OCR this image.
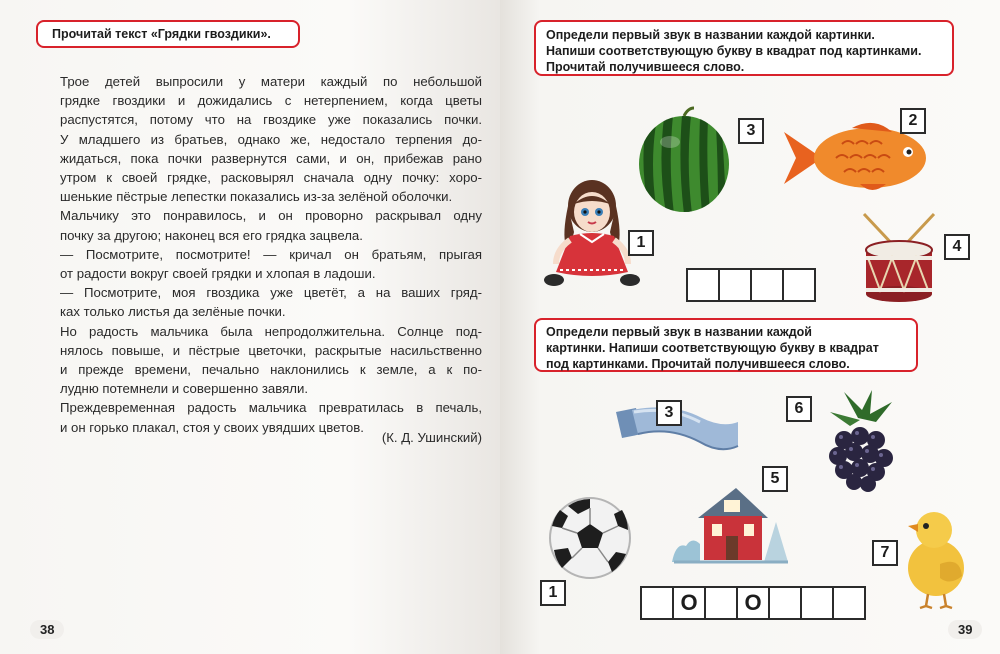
Прочитай текст «Грядки гвоздики».
Трое детей выпросили у матери каждый по небольшой
грядке гвоздики и дожидались с нетерпением, когда цветы
распустятся, потому что на гвоздике уже показались почки.
У младшего из братьев, однако же, недостало терпения до-
жидаться, пока почки развернутся сами, и он, прибежав рано
утром к своей грядке, расковырял сначала одну почку: хоро-
шенькие пёстрые лепестки показались из-за зелёной оболочки.
Мальчику это понравилось, и он проворно раскрывал одну
почку за другою; наконец вся его грядка зацвела.
— Посмотрите, посмотрите! — кричал он братьям, прыгая
от радости вокруг своей грядки и хлопая в ладоши.
— Посмотрите, моя гвоздика уже цветёт, а на ваших гряд-
ках только листья да зелёные почки.
Но радость мальчика была непродолжительна. Солнце под-
нялось повыше, и пёстрые цветочки, раскрытые насильственно
и прежде времени, печально наклонились к земле, а к по-
лудню потемнели и совершенно завяли.
Преждевременная радость мальчика превратилась в печаль,
и он горько плакал, стоя у своих увядших цветов.
(К. Д. Ушинский)
38
Определи первый звук в названии каждой картинки.
Напиши соответствующую букву в квадрат под картинками.
Прочитай получившееся слово.
3
2
1	4
Определи первый звук в названии каждой
картинки. Напиши соответствующую букву в квадрат
под картинками. Прочитай получившееся слово.
3	6
5
1
7
О	О
39
